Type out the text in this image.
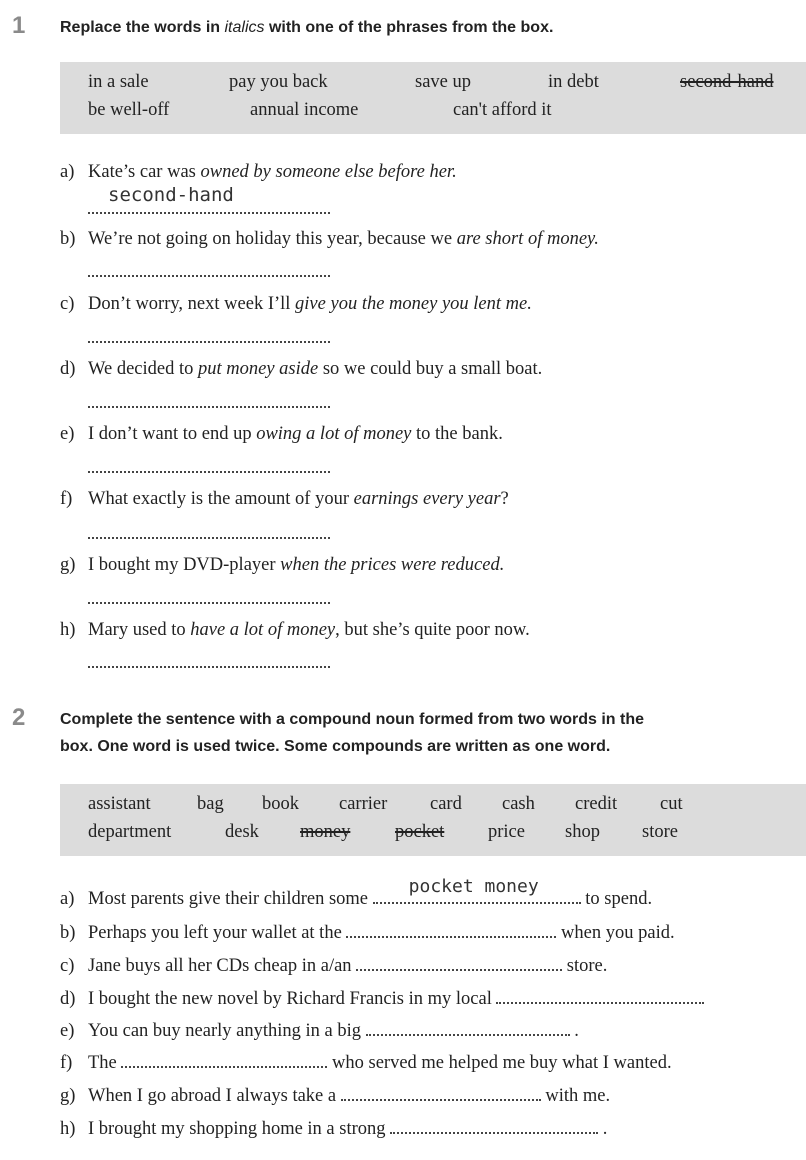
1 Replace the words in italics with one of the phrases from the box.
in a sale	pay you back	save up	in debt	second-hand
be well-off	annual income	can't afford it
a) Kate’s car was owned by someone else before her.
second-hand
b) We’re not going on holiday this year, because we are short of money.
c) Don’t worry, next week I’ll give you the money you lent me.
d) We decided to put money aside so we could buy a small boat.
e) I don’t want to end up owing a lot of money to the bank.
f) What exactly is the amount of your earnings every year?
g) I bought my DVD-player when the prices were reduced.
h) Mary used to have a lot of money, but she’s quite poor now.
2 Complete the sentence with a compound noun formed from two words in the
box. One word is used twice. Some compounds are written as one word.
assistant	bag book carrier card cash credit cut
department	desk money pocket price shop store
a) Most parents give their children some
pocket money
to spend.
b) Perhaps you left your wallet at the	when you paid.
c) Jane buys all her CDs cheap in a/an	store.
d) I bought the new novel by Richard Francis in my local
e) You can buy nearly anything in a big	.
f) The	who served me helped me buy what I wanted.
g) When I go abroad I always take a	with me.
h) I brought my shopping home in a strong	.
